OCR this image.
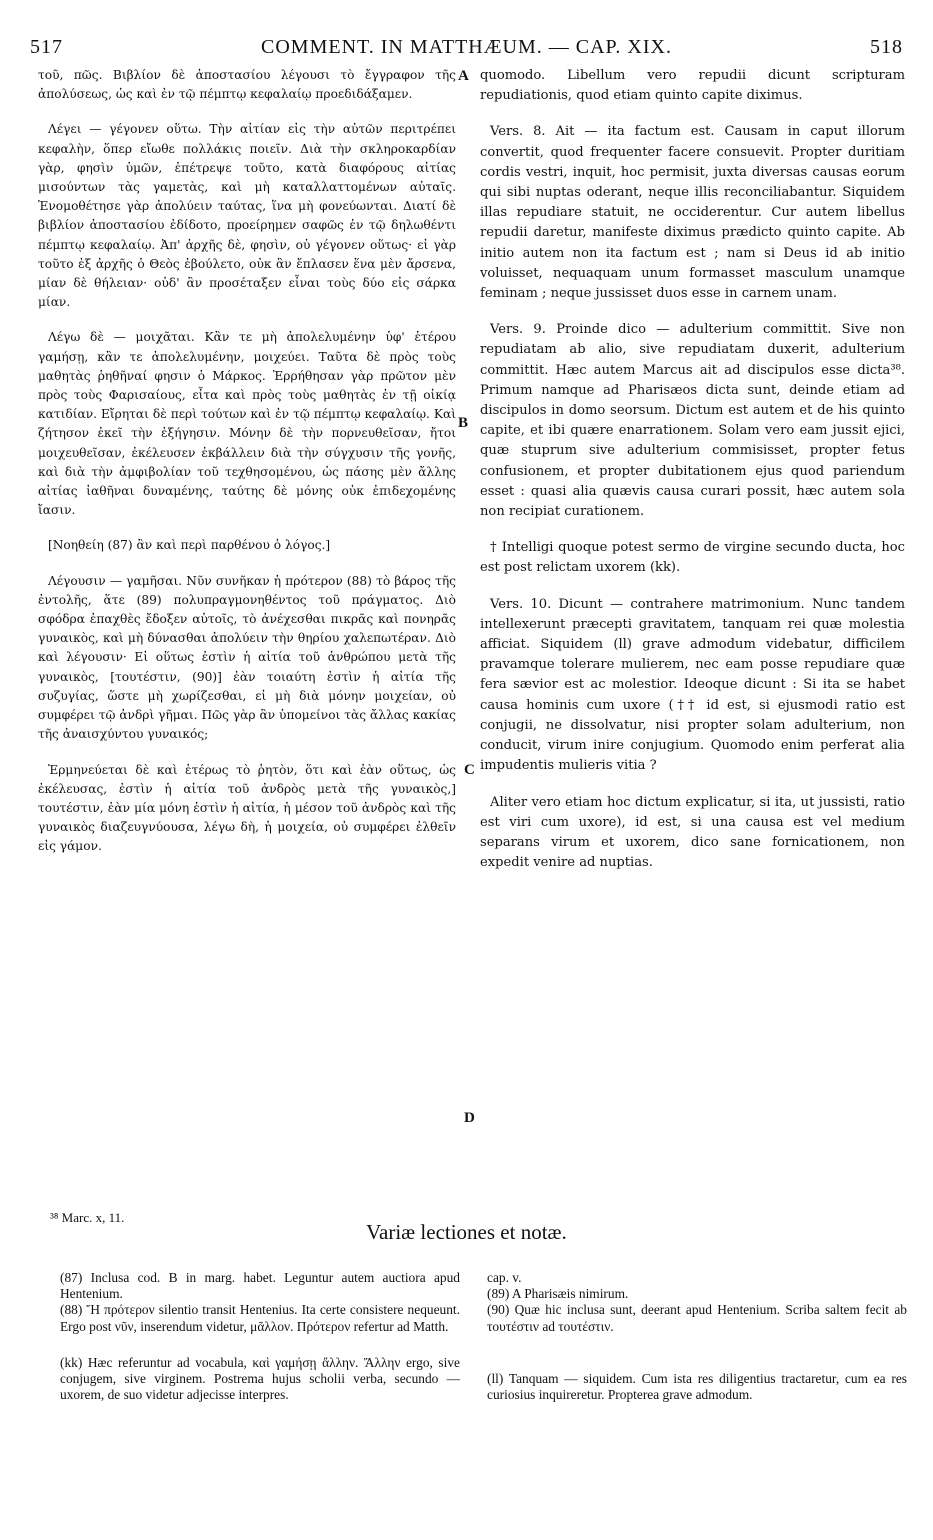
517	COMMENT. IN MATTHÆUM. — CAP. XIX.	518

τοῦ, πῶς. Βιβλίον δὲ ἀποστασίου λέγουσι τὸ ἔγγραφον τῆς ἀπολύσεως, ὡς καὶ ἐν τῷ πέμπτῳ κεφαλαίῳ προεδιδάξαμεν.

Λέγει — γέγονεν οὕτω. Τὴν αἰτίαν εἰς τὴν αὐτῶν περιτρέπει κεφαλὴν, ὅπερ εἴωθε πολλάκις ποιεῖν. Διὰ τὴν σκληροκαρδίαν γὰρ, φησὶν ὑμῶν, ἐπέτρεψε τοῦτο, κατὰ διαφόρους αἰτίας μισούντων τὰς γαμετὰς, καὶ μὴ καταλλαττομένων αὐταῖς. Ἐνομοθέτησε γὰρ ἀπολύειν ταύτας, ἵνα μὴ φονεύωνται. Διατί δὲ βιβλίον ἀποστασίου ἐδίδοτο, προείρημεν σαφῶς ἐν τῷ δηλωθέντι πέμπτῳ κεφαλαίῳ. Ἀπ' ἀρχῆς δὲ, φησὶν, οὐ γέγονεν οὕτως· εἰ γὰρ τοῦτο ἐξ ἀρχῆς ὁ Θεὸς ἐβούλετο, οὐκ ἂν ἔπλασεν ἕνα μὲν ἄρσενα, μίαν δὲ θήλειαν· οὐδ' ἂν προσέταξεν εἶναι τοὺς δύο εἰς σάρκα μίαν.

Λέγω δὲ — μοιχᾶται. Κἂν τε μὴ ἀπολελυμένην ὑφ' ἑτέρου γαμήσῃ, κἂν τε ἀπολελυμένην, μοιχεύει. Ταῦτα δὲ πρὸς τοὺς μαθητὰς ῥηθῆναί φησιν ὁ Μάρκος. Ἐρρήθησαν γὰρ πρῶτον μὲν πρὸς τοὺς Φαρισαίους, εἶτα καὶ πρὸς τοὺς μαθητὰς ἐν τῇ οἰκίᾳ κατιδίαν. Εἴρηται δὲ περὶ τούτων καὶ ἐν τῷ πέμπτῳ κεφαλαίῳ. Καὶ ζήτησον ἐκεῖ τὴν ἐξήγησιν. Μόνην δὲ τὴν πορνευθεῖσαν, ἤτοι μοιχευθεῖσαν, ἐκέλευσεν ἐκβάλλειν διὰ τὴν σύγχυσιν τῆς γονῆς, καὶ διὰ τὴν ἀμφιβολίαν τοῦ τεχθησομένου, ὡς πάσης μὲν ἄλλης αἰτίας ἰαθῆναι δυναμένης, ταύτης δὲ μόνης οὐκ ἐπιδεχομένης ἴασιν.

[Νοηθείη (87) ἂν καὶ περὶ παρθένου ὁ λόγος.]

Λέγουσιν — γαμῆσαι. Νῦν συνῆκαν ἡ πρότερον (88) τὸ βάρος τῆς ἐντολῆς, ἅτε (89) πολυπραγμονηθέντος τοῦ πράγματος. Διὸ σφόδρα ἐπαχθὲς ἔδοξεν αὐτοῖς, τὸ ἀνέχεσθαι πικρᾶς καὶ πονηρᾶς γυναικὸς, καὶ μὴ δύνασθαι ἀπολύειν τὴν θηρίου χαλεπωτέραν. Διὸ καὶ λέγουσιν· Εἰ οὕτως ἐστὶν ἡ αἰτία τοῦ ἀνθρώπου μετὰ τῆς γυναικὸς, [τουτέστιν, (90)] ἐὰν τοιαύτη ἐστὶν ἡ αἰτία τῆς συζυγίας, ὥστε μὴ χωρίζεσθαι, εἰ μὴ διὰ μόνην μοιχείαν, οὐ συμφέρει τῷ ἀνδρὶ γῆμαι. Πῶς γὰρ ἂν ὑπομείνοι τὰς ἄλλας κακίας τῆς ἀναισχύντου γυναικός;

Ἑρμηνεύεται δὲ καὶ ἑτέρως τὸ ῥητὸν, ὅτι καὶ ἐὰν οὕτως, ὡς ἐκέλευσας, ἐστὶν ἡ αἰτία τοῦ ἀνδρὸς μετὰ τῆς γυναικὸς,] τουτέστιν, ἐὰν μία μόνη ἐστὶν ἡ αἰτία, ἡ μέσον τοῦ ἀνδρὸς καὶ τῆς γυναικὸς διαζευγνύουσα, λέγω δὴ, ἡ μοιχεία, οὐ συμφέρει ἐλθεῖν εἰς γάμον.

A
B
C
D

quomodo. Libellum vero repudii dicunt scripturam repudiationis, quod etiam quinto capite diximus.

Vers. 8. Ait — ita factum est. Causam in caput illorum convertit, quod frequenter facere consuevit. Propter duritiam cordis vestri, inquit, hoc permisit, juxta diversas causas eorum qui sibi nuptas oderant, neque illis reconciliabantur. Siquidem illas repudiare statuit, ne occiderentur. Cur autem libellus repudii daretur, manifeste diximus prædicto quinto capite. Ab initio autem non ita factum est ; nam si Deus id ab initio voluisset, nequaquam unum formasset masculum unamque feminam ; neque jussisset duos esse in carnem unam.

Vers. 9. Proinde dico — adulterium committit. Sive non repudiatam ab alio, sive repudiatam duxerit, adulterium committit. Hæc autem Marcus ait ad discipulos esse dicta³⁸. Primum namque ad Pharisæos dicta sunt, deinde etiam ad discipulos in domo seorsum. Dictum est autem et de his quinto capite, et ibi quære enarrationem. Solam vero eam jussit ejici, quæ stuprum sive adulterium commisisset, propter fetus confusionem, et propter dubitationem ejus quod pariendum esset : quasi alia quævis causa curari possit, hæc autem sola non recipiat curationem.

† Intelligi quoque potest sermo de virgine secundo ducta, hoc est post relictam uxorem (kk).

Vers. 10. Dicunt — contrahere matrimonium. Nunc tandem intellexerunt præcepti gravitatem, tanquam rei quæ molestia afficiat. Siquidem (ll) grave admodum videbatur, difficilem pravamque tolerare mulierem, nec eam posse repudiare quæ fera sævior est ac molestior. Ideoque dicunt : Si ita se habet causa hominis cum uxore (†† id est, si ejusmodi ratio est conjugii, ne dissolvatur, nisi propter solam adulterium, non conducit, virum inire conjugium. Quomodo enim perferat alia impudentis mulieris vitia ?

Aliter vero etiam hoc dictum explicatur, si ita, ut jussisti, ratio est viri cum uxore), id est, si una causa est vel medium separans virum et uxorem, dico sane fornicationem, non expedit venire ad nuptias.

³⁸ Marc. x, 11.
Variæ lectiones et notæ.

(87) Inclusa cod. B in marg. habet. Leguntur autem auctiora apud Hentenium.

(88) Ἤ πρότερον silentio transit Hentenius. Ita certe consistere nequeunt. Ergo post νῦν, inserendum videtur, μᾶλλον. Πρότερον refertur ad Matth.

(kk) Hæc referuntur ad vocabula, καὶ γαμήσῃ ἄλλην. Ἄλλην ergo, sive conjugem, sive virginem. Postrema hujus scholii verba, secundo — uxorem, de suo videtur adjecisse interpres.

cap. v.

(89) A Pharisæis nimirum.

(90) Quæ hic inclusa sunt, deerant apud Hentenium. Scriba saltem fecit ab τουτέστιν ad τουτέστιν.

(ll) Tanquam — siquidem. Cum ista res diligentius tractaretur, cum ea res curiosius inquireretur. Propterea grave admodum.
